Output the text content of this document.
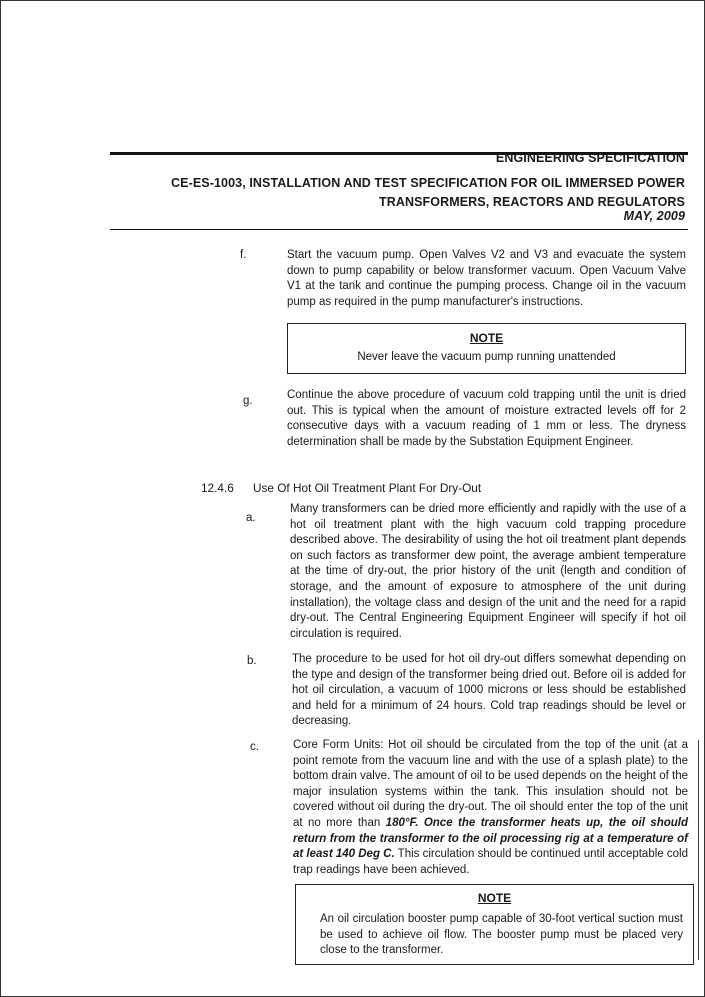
ENGINEERING SPECIFICATION
CE-ES-1003, INSTALLATION AND TEST SPECIFICATION FOR OIL IMMERSED POWER
TRANSFORMERS, REACTORS AND REGULATORS
MAY, 2009
f.	Start the vacuum pump. Open Valves V2 and V3 and evacuate the system down to pump capability or below transformer vacuum. Open Vacuum Valve V1 at the tank and continue the pumping process. Change oil in the vacuum pump as required in the pump manufacturer's instructions.
NOTE
Never leave the vacuum pump running unattended
g.	Continue the above procedure of vacuum cold trapping until the unit is dried out. This is typical when the amount of moisture extracted levels off for 2 consecutive days with a vacuum reading of 1 mm or less. The dryness determination shall be made by the Substation Equipment Engineer.
12.4.6 Use Of Hot Oil Treatment Plant For Dry-Out
a.
Many transformers can be dried more efficiently and rapidly with the use of a hot oil treatment plant with the high vacuum cold trapping procedure described above. The desirability of using the hot oil treatment plant depends on such factors as transformer dew point, the average ambient temperature at the time of dry-out, the prior history of the unit (length and condition of storage, and the amount of exposure to atmosphere of the unit during installation), the voltage class and design of the unit and the need for a rapid dry-out. The Central Engineering Equipment Engineer will specify if hot oil circulation is required.
b.	The procedure to be used for hot oil dry-out differs somewhat depending on the type and design of the transformer being dried out. Before oil is added for hot oil circulation, a vacuum of 1000 microns or less should be established and held for a minimum of 24 hours. Cold trap readings should be level or decreasing.
c.	Core Form Units: Hot oil should be circulated from the top of the unit (at a point remote from the vacuum line and with the use of a splash plate) to the bottom drain valve. The amount of oil to be used depends on the height of the major insulation systems within the tank. This insulation should not be covered without oil during the dry-out. The oil should enter the top of the unit at no more than 180°F. Once the transformer heats up, the oil should return from the transformer to the oil processing rig at a temperature of at least 140 Deg C. This circulation should be continued until acceptable cold trap readings have been achieved.
NOTE
An oil circulation booster pump capable of 30-foot vertical suction must be used to achieve oil flow. The booster pump must be placed very close to the transformer.
